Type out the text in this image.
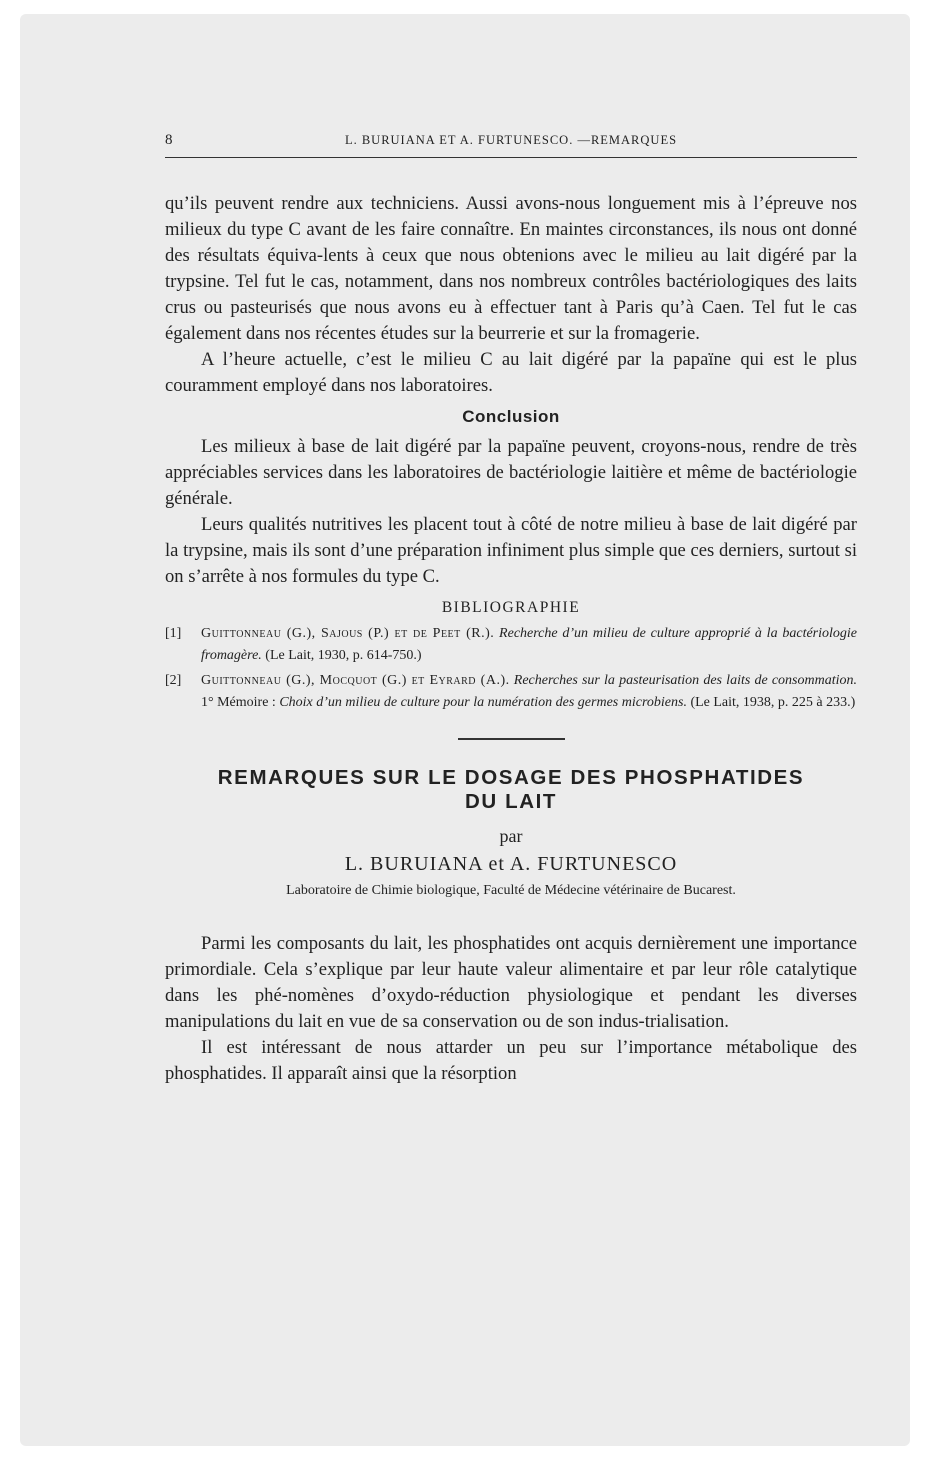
8	L. BURUIANA ET A. FURTUNESCO. —REMARQUES

qu’ils peuvent rendre aux techniciens. Aussi avons-nous longuement mis à l’épreuve nos milieux du type C avant de les faire connaître. En maintes circonstances, ils nous ont donné des résultats équiva-lents à ceux que nous obtenions avec le milieu au lait digéré par la trypsine. Tel fut le cas, notamment, dans nos nombreux contrôles bactériologiques des laits crus ou pasteurisés que nous avons eu à effectuer tant à Paris qu’à Caen. Tel fut le cas également dans nos récentes études sur la beurrerie et sur la fromagerie.

A l’heure actuelle, c’est le milieu C au lait digéré par la papaïne qui est le plus couramment employé dans nos laboratoires.

Conclusion

Les milieux à base de lait digéré par la papaïne peuvent, croyons-nous, rendre de très appréciables services dans les laboratoires de bactériologie laitière et même de bactériologie générale.

Leurs qualités nutritives les placent tout à côté de notre milieu à base de lait digéré par la trypsine, mais ils sont d’une préparation infiniment plus simple que ces derniers, surtout si on s’arrête à nos formules du type C.

BIBLIOGRAPHIE
[1]	Guittonneau (G.), Sajous (P.) et de Peet (R.). Recherche d’un milieu de culture approprié à la bactériologie fromagère. (Le Lait, 1930, p. 614-750.)
[2]	Guittonneau (G.), Mocquot (G.) et Eyrard (A.). Recherches sur la pasteurisation des laits de consommation. 1° Mémoire : Choix d’un milieu de culture pour la numération des germes microbiens. (Le Lait, 1938, p. 225 à 233.)

REMARQUES SUR LE DOSAGE DES PHOSPHATIDES

DU LAIT

par
L. BURUIANA et A. FURTUNESCO
Laboratoire de Chimie biologique, Faculté de Médecine vétérinaire de Bucarest.

Parmi les composants du lait, les phosphatides ont acquis dernièrement une importance primordiale. Cela s’explique par leur haute valeur alimentaire et par leur rôle catalytique dans les phé-nomènes d’oxydo-réduction physiologique et pendant les diverses manipulations du lait en vue de sa conservation ou de son indus-trialisation.

Il est intéressant de nous attarder un peu sur l’importance métabolique des phosphatides. Il apparaît ainsi que la résorption
